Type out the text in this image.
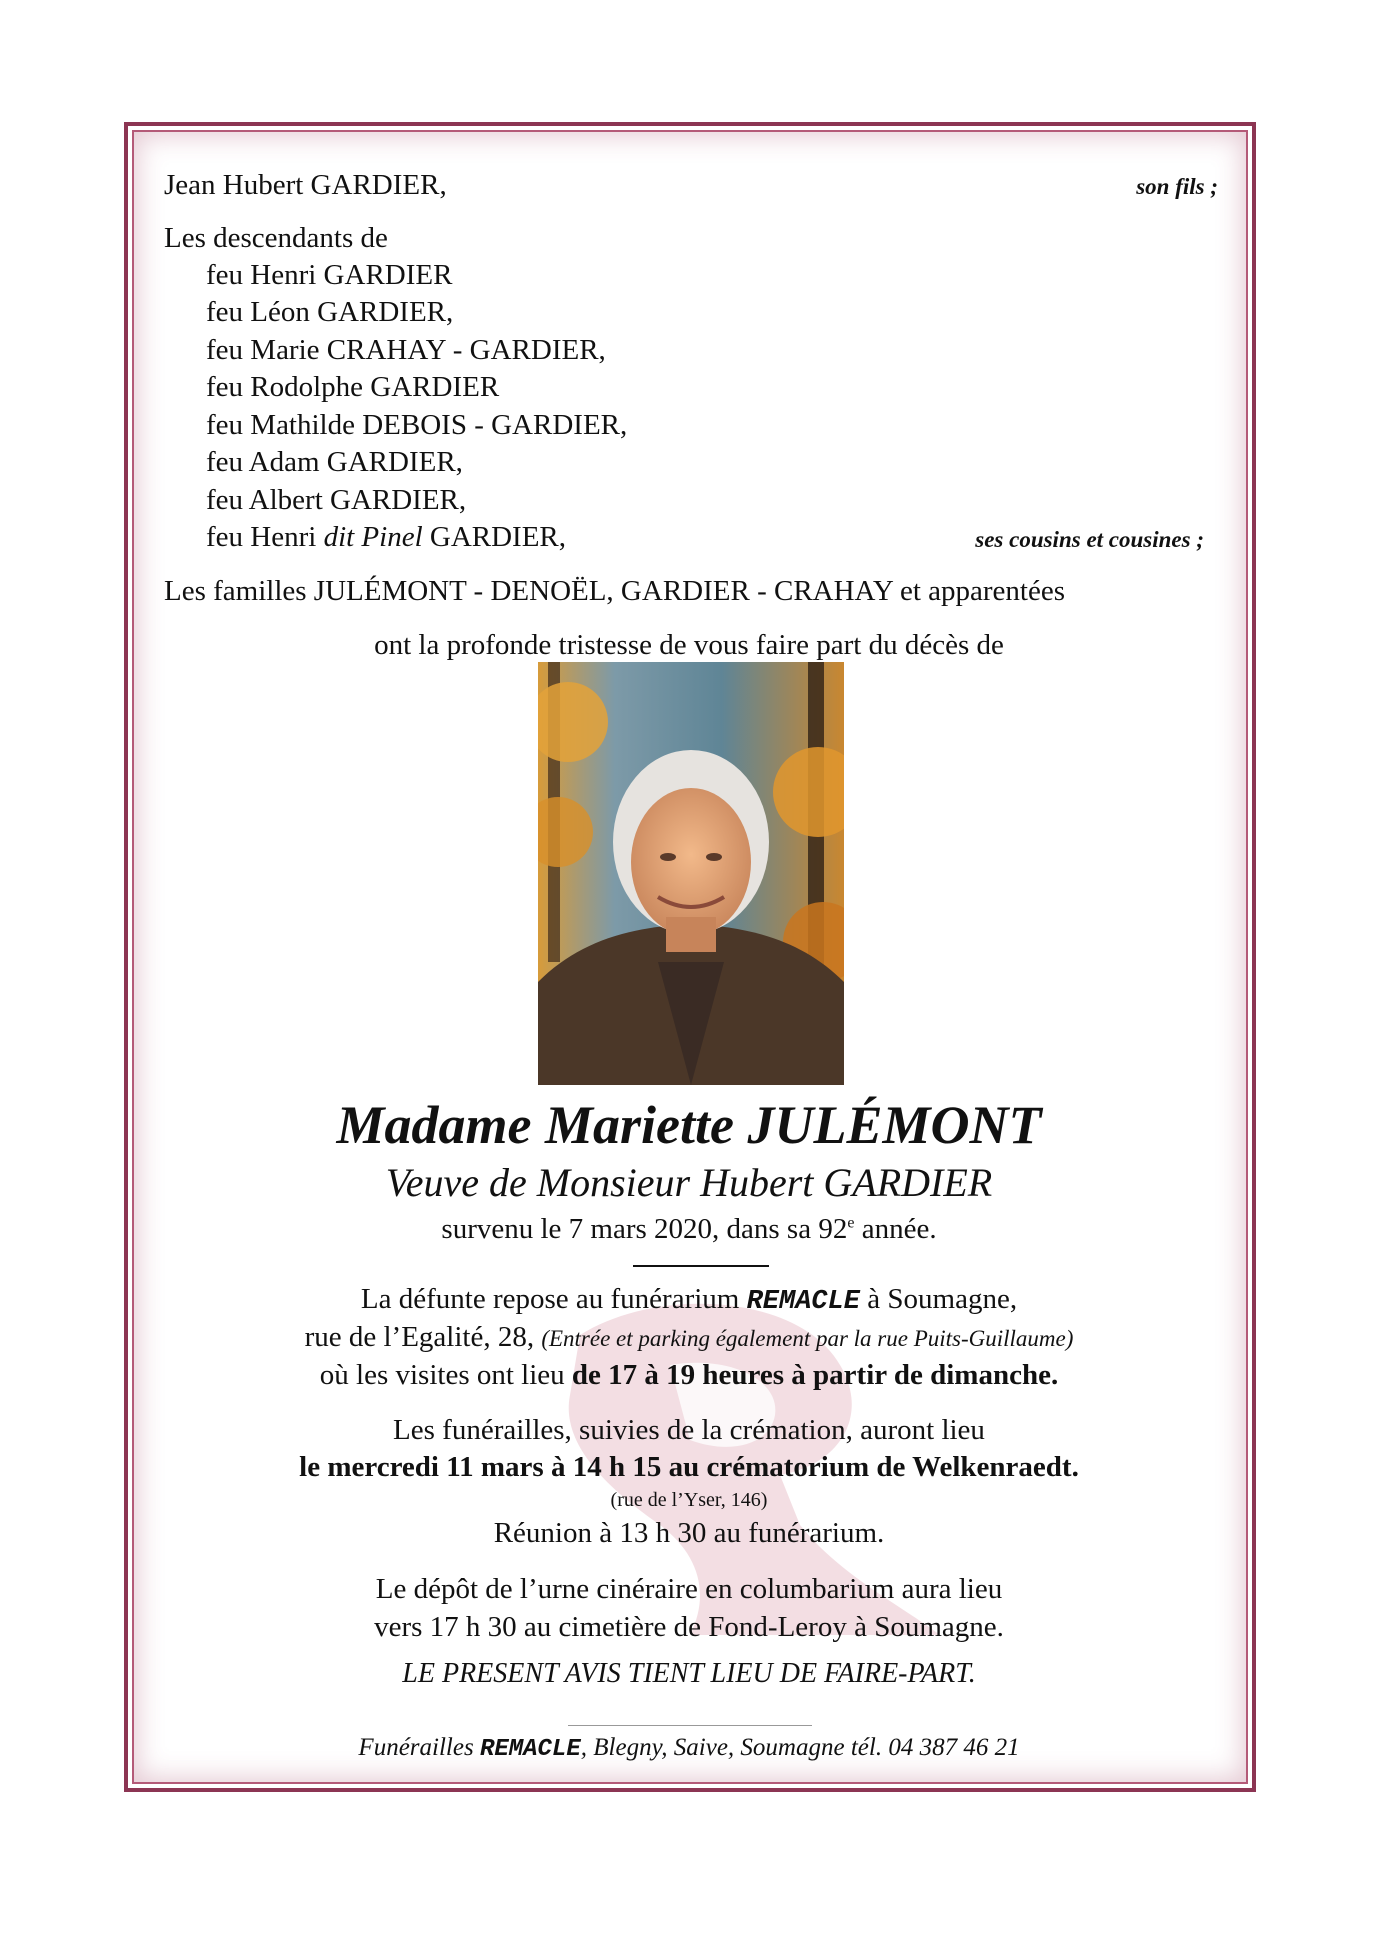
Jean Hubert GARDIER,	son fils ;
Les descendants de
feu Henri GARDIER
feu Léon GARDIER,
feu Marie CRAHAY - GARDIER,
feu Rodolphe GARDIER
feu Mathilde DEBOIS - GARDIER,
feu Adam GARDIER,
feu Albert GARDIER,
feu Henri dit Pinel GARDIER,	ses cousins et cousines ;
Les familles JULÉMONT - DENOËL, GARDIER - CRAHAY et apparentées
ont la profonde tristesse de vous faire part du décès de
Madame Mariette JULÉMONT
Veuve de Monsieur Hubert GARDIER
survenu le 7 mars 2020, dans sa 92e année.
La défunte repose au funérarium REMACLE à Soumagne,
rue de l’Egalité, 28, (Entrée et parking également par la rue Puits-Guillaume)
où les visites ont lieu de 17 à 19 heures à partir de dimanche.
Les funérailles, suivies de la crémation, auront lieu
le mercredi 11 mars à 14 h 15 au crématorium de Welkenraedt.
(rue de l’Yser, 146)
Réunion à 13 h 30 au funérarium.
Le dépôt de l’urne cinéraire en columbarium aura lieu
vers 17 h 30 au cimetière de Fond-Leroy à Soumagne.
LE PRESENT AVIS TIENT LIEU DE FAIRE-PART.
Funérailles REMACLE, Blegny, Saive, Soumagne tél. 04 387 46 21
